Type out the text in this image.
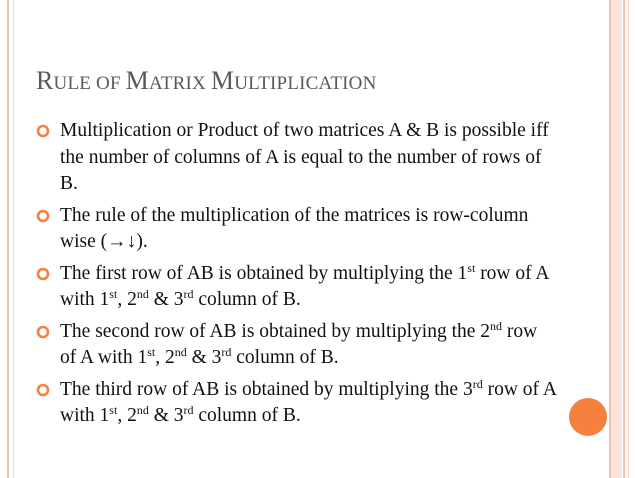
RULE OF MATRIX MULTIPLICATION
Multiplication or Product of two matrices A & B is possible iff the number of columns of A is equal to the number of rows of B.
The rule of the multiplication of the matrices is row-column wise (→↓).
The first row of AB is obtained by multiplying the 1st row of A with 1st, 2nd & 3rd column of B.
The second row of AB is obtained by multiplying the 2nd row of A with 1st, 2nd & 3rd column of B.
The third row of AB is obtained by multiplying the 3rd row of A with 1st, 2nd & 3rd column of B.
